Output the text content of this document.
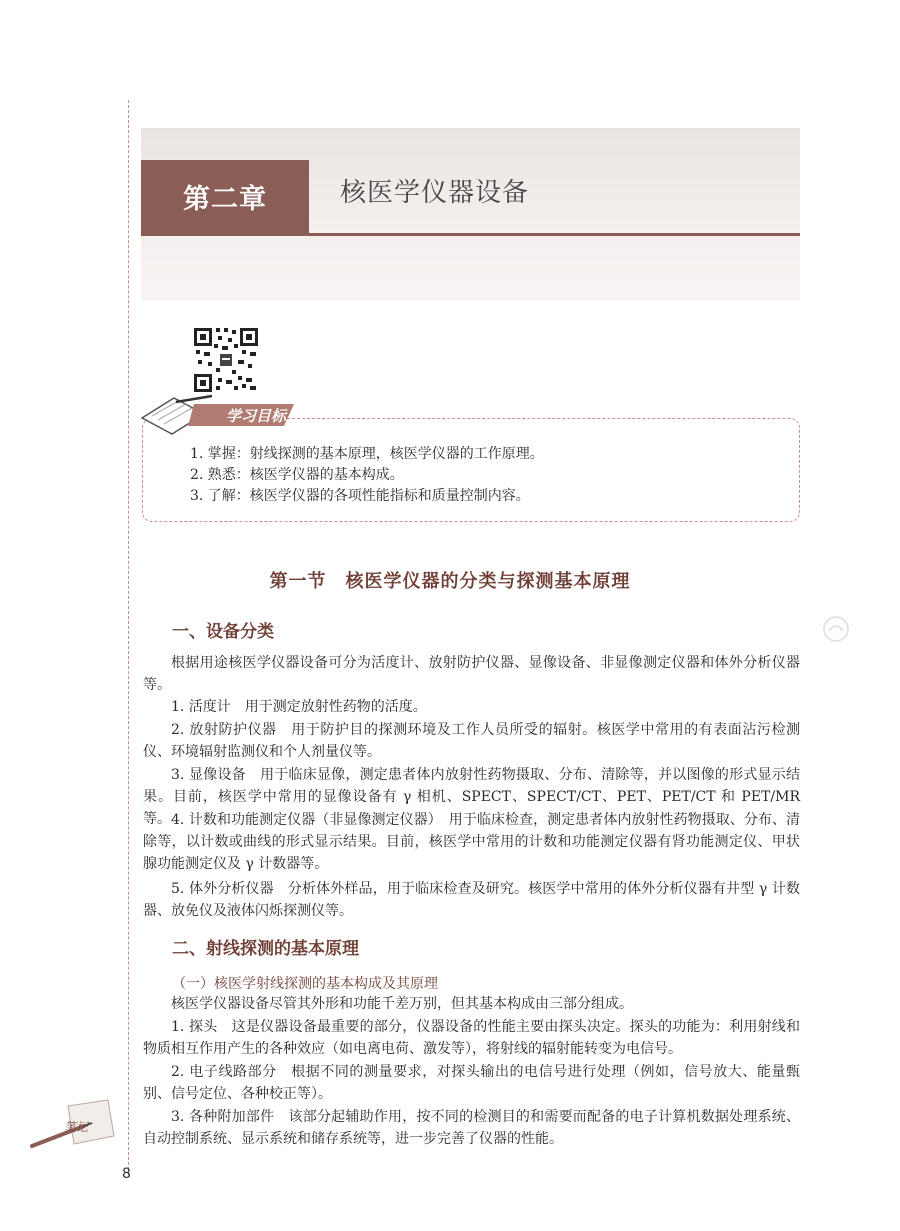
第二章	核医学仪器设备
学习目标
1. 掌握：射线探测的基本原理，核医学仪器的工作原理。
2. 熟悉：核医学仪器的基本构成。
3. 了解：核医学仪器的各项性能指标和质量控制内容。
第一节　核医学仪器的分类与探测基本原理
一、设备分类

根据用途核医学仪器设备可分为活度计、放射防护仪器、显像设备、非显像测定仪器和体外分析仪器等。

1. 活度计　用于测定放射性药物的活度。

2. 放射防护仪器　用于防护目的探测环境及工作人员所受的辐射。核医学中常用的有表面沾污检测仪、环境辐射监测仪和个人剂量仪等。

3. 显像设备　用于临床显像，测定患者体内放射性药物摄取、分布、清除等，并以图像的形式显示结果。目前，核医学中常用的显像设备有 γ 相机、SPECT、SPECT/CT、PET、PET/CT 和 PET/MR 等。 4. 计数和功能测定仪器（非显像测定仪器）　用于临床检查，测定患者体内放射性药物摄取、分布、清除等，以计数或曲线的形式显示结果。目前，核医学中常用的计数和功能测定仪器有肾功能测定仪、甲状腺功能测定仪及 γ 计数器等。

5. 体外分析仪器　分析体外样品，用于临床检查及研究。核医学中常用的体外分析仪器有井型 γ 计数器、放免仪及液体闪烁探测仪等。

二、射线探测的基本原理
（一）核医学射线探测的基本构成及其原理

核医学仪器设备尽管其外形和功能千差万别，但其基本构成由三部分组成。

1. 探头　这是仪器设备最重要的部分，仪器设备的性能主要由探头决定。探头的功能为：利用射线和物质相互作用产生的各种效应（如电离电荷、激发等），将射线的辐射能转变为电信号。

2. 电子线路部分　根据不同的测量要求，对探头输出的电信号进行处理（例如，信号放大、能量甄别、信号定位、各种校正等）。

3. 各种附加部件　该部分起辅助作用，按不同的检测目的和需要而配备的电子计算机数据处理系统、自动控制系统、显示系统和储存系统等，进一步完善了仪器的性能。

笔记
8
